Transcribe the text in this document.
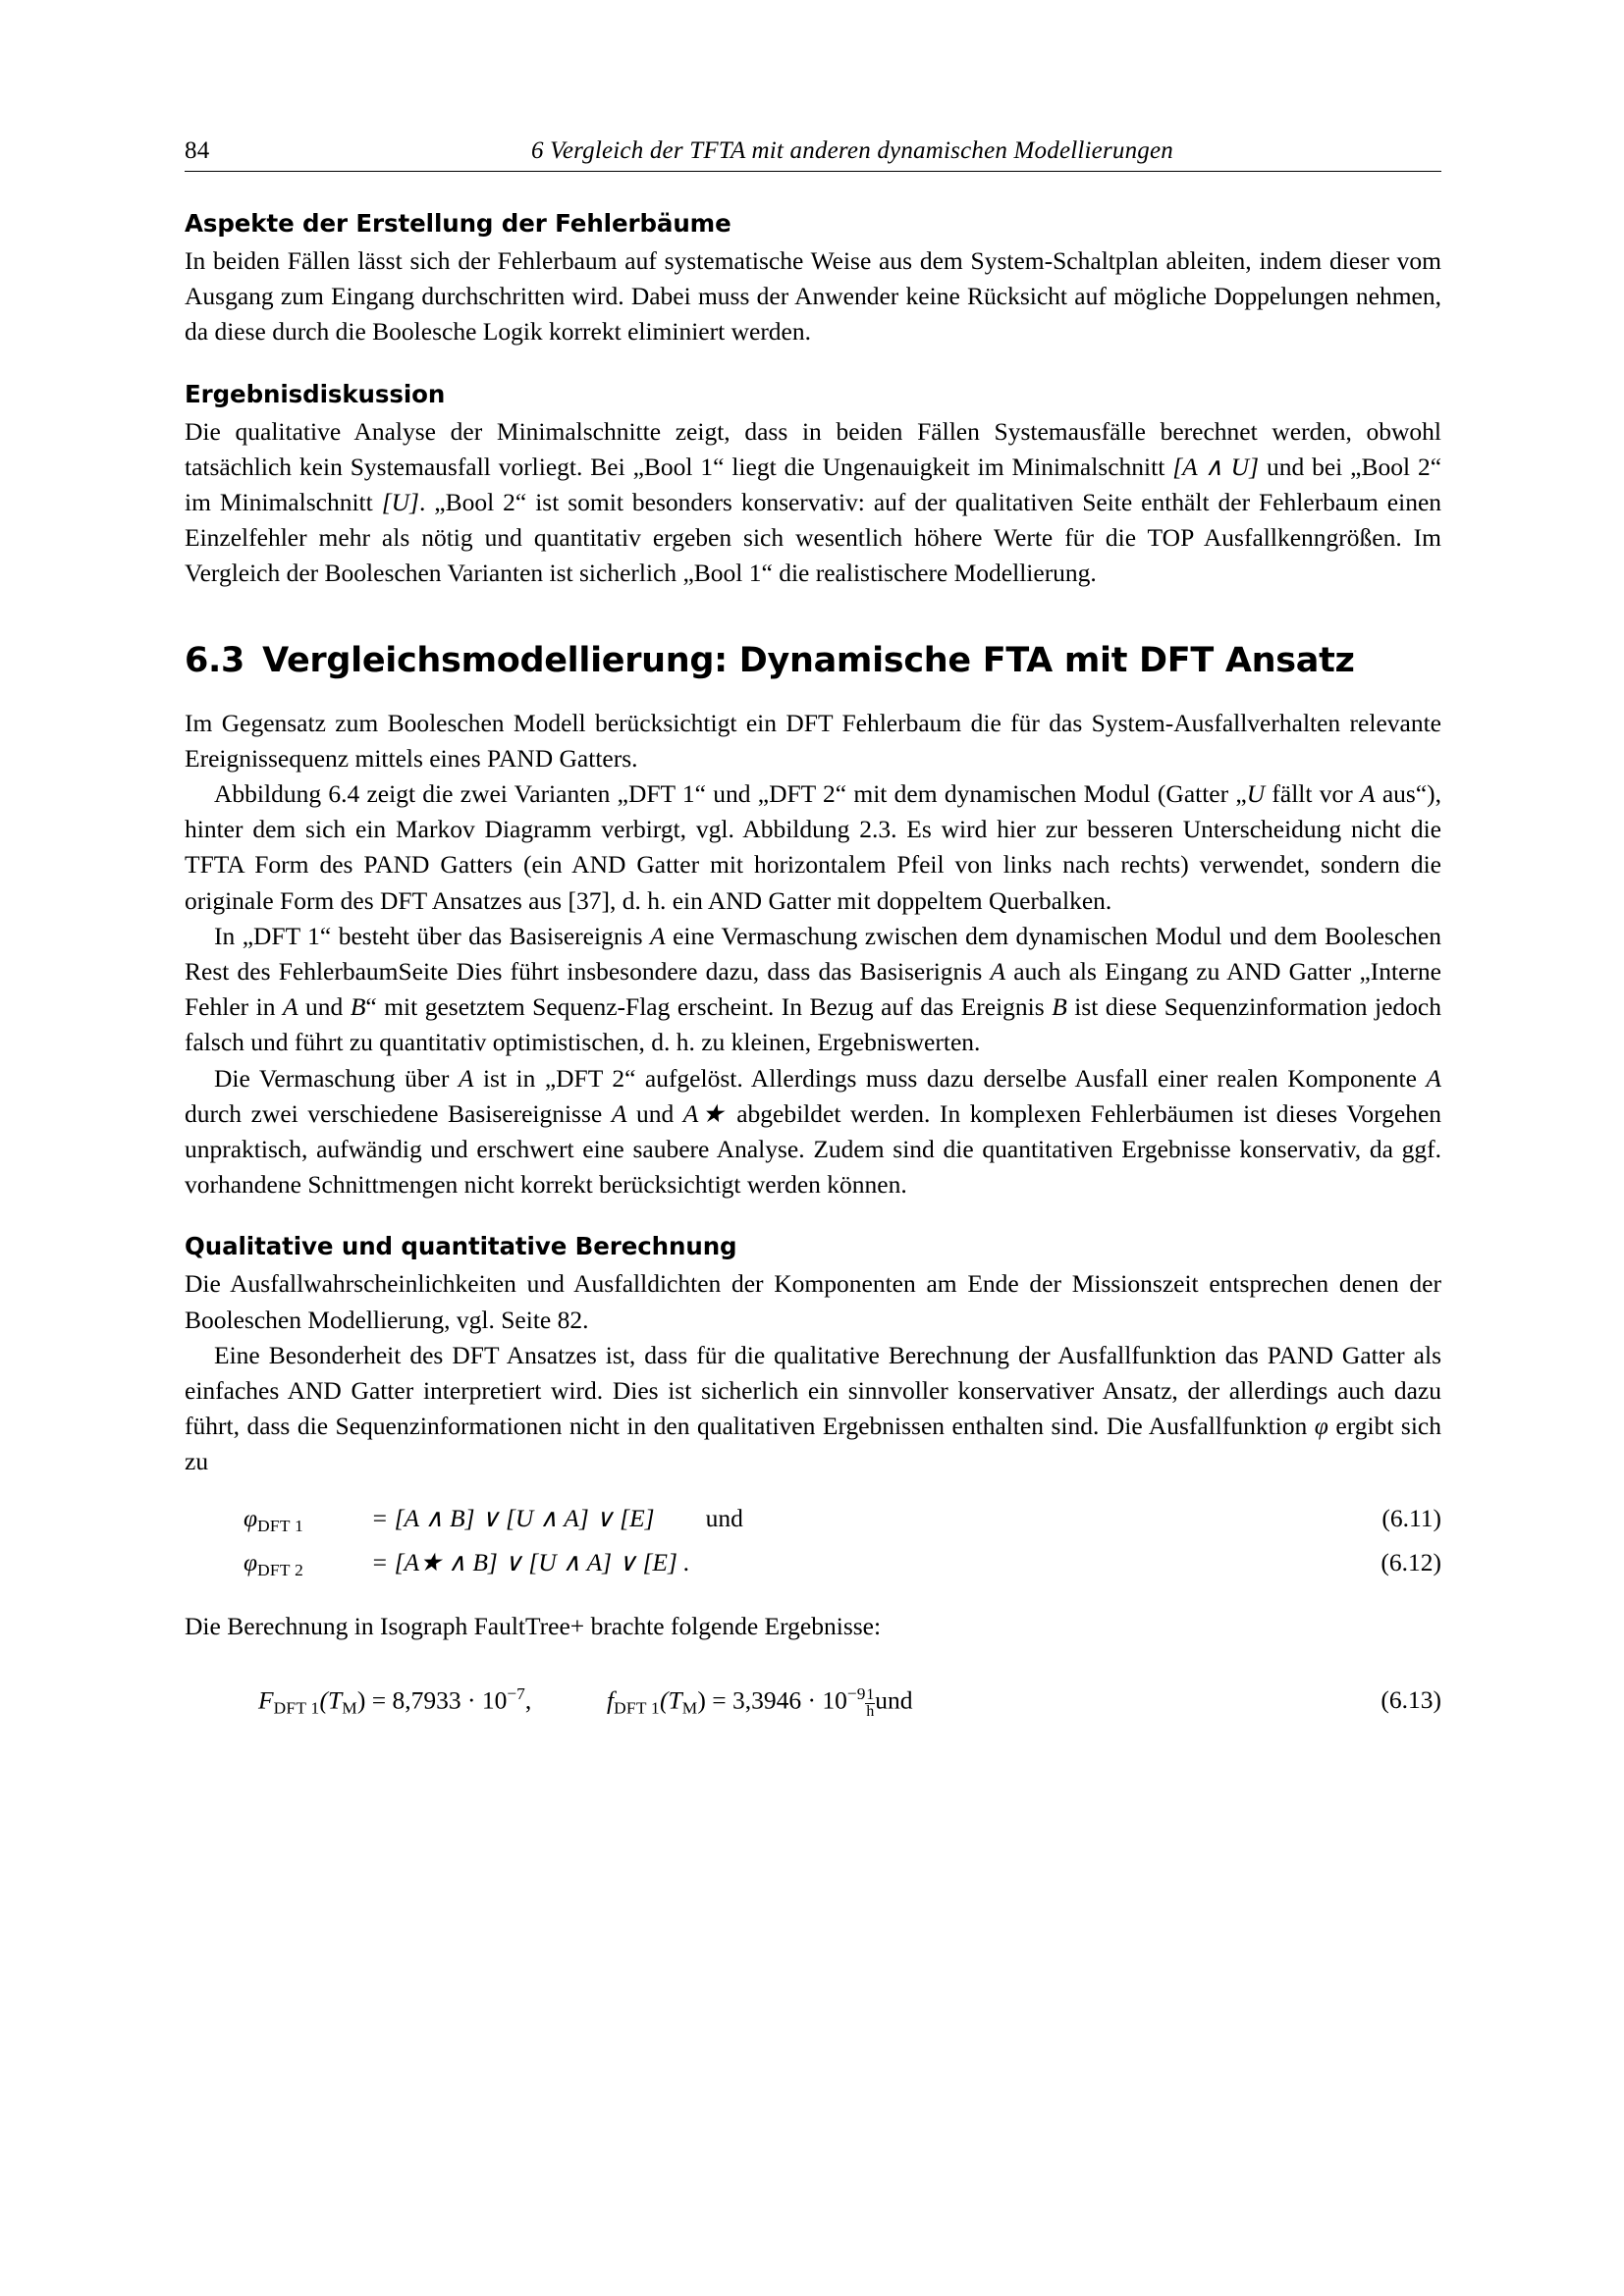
84	6 Vergleich der TFTA mit anderen dynamischen Modellierungen
Aspekte der Erstellung der Fehlerbäume

In beiden Fällen lässt sich der Fehlerbaum auf systematische Weise aus dem System-Schaltplan ableiten, indem dieser vom Ausgang zum Eingang durchschritten wird. Dabei muss der Anwender keine Rücksicht auf mögliche Doppelungen nehmen, da diese durch die Boolesche Logik korrekt eliminiert werden.

Ergebnisdiskussion

Die qualitative Analyse der Minimalschnitte zeigt, dass in beiden Fällen Systemausfälle berechnet werden, obwohl tatsächlich kein Systemausfall vorliegt. Bei „Bool 1“ liegt die Ungenauigkeit im Minimalschnitt [A ∧ U] und bei „Bool 2“ im Minimalschnitt [U]. „Bool 2“ ist somit besonders konservativ: auf der qualitativen Seite enthält der Fehlerbaum einen Einzelfehler mehr als nötig und quantitativ ergeben sich wesentlich höhere Werte für die TOP Ausfallkenngrößen. Im Vergleich der Booleschen Varianten ist sicherlich „Bool 1“ die realistischere Modellierung.

6.3 Vergleichsmodellierung: Dynamische FTA mit DFT Ansatz

Im Gegensatz zum Booleschen Modell berücksichtigt ein DFT Fehlerbaum die für das System-Ausfallverhalten relevante Ereignissequenz mittels eines PAND Gatters.

Abbildung 6.4 zeigt die zwei Varianten „DFT 1“ und „DFT 2“ mit dem dynamischen Modul (Gatter „U fällt vor A aus“), hinter dem sich ein Markov Diagramm verbirgt, vgl. Abbildung 2.3. Es wird hier zur besseren Unterscheidung nicht die TFTA Form des PAND Gatters (ein AND Gatter mit horizontalem Pfeil von links nach rechts) verwendet, sondern die originale Form des DFT Ansatzes aus [37], d. h. ein AND Gatter mit doppeltem Querbalken.

In „DFT 1“ besteht über das Basisereignis A eine Vermaschung zwischen dem dynamischen Modul und dem Booleschen Rest des FehlerbaumSeite Dies führt insbesondere dazu, dass das Basiserignis A auch als Eingang zu AND Gatter „Interne Fehler in A und B“ mit gesetztem Sequenz-Flag erscheint. In Bezug auf das Ereignis B ist diese Sequenzinformation jedoch falsch und führt zu quantitativ optimistischen, d. h. zu kleinen, Ergebniswerten.

Die Vermaschung über A ist in „DFT 2“ aufgelöst. Allerdings muss dazu derselbe Ausfall einer realen Komponente A durch zwei verschiedene Basisereignisse A und A★ abgebildet werden. In komplexen Fehlerbäumen ist dieses Vorgehen unpraktisch, aufwändig und erschwert eine saubere Analyse. Zudem sind die quantitativen Ergebnisse konservativ, da ggf. vorhandene Schnittmengen nicht korrekt berücksichtigt werden können.

Qualitative und quantitative Berechnung

Die Ausfallwahrscheinlichkeiten und Ausfalldichten der Komponenten am Ende der Missionszeit entsprechen denen der Booleschen Modellierung, vgl. Seite 82.

Eine Besonderheit des DFT Ansatzes ist, dass für die qualitative Berechnung der Ausfallfunktion das PAND Gatter als einfaches AND Gatter interpretiert wird. Dies ist sicherlich ein sinnvoller konservativer Ansatz, der allerdings auch dazu führt, dass die Sequenzinformationen nicht in den qualitativen Ergebnissen enthalten sind. Die Ausfallfunktion φ ergibt sich zu

$\varphi_{DFT 1}$	= [A ∧ B] ∨ [U ∧ A] ∨ [E] und	(6.11)
$\varphi_{DFT 2}$	= [A★ ∧ B] ∨ [U ∧ A] ∨ [E] .	(6.12)

Die Berechnung in Isograph FaultTree+ brachte folgende Ergebnisse:

$F_{DFT 1}(T_M) = 8,7933 \cdot 10^{-7}$,	$f_{DFT 1}(T_M) = 3,3946 \cdot 10^{-9} \frac{1}{h}$ und	(6.13)
